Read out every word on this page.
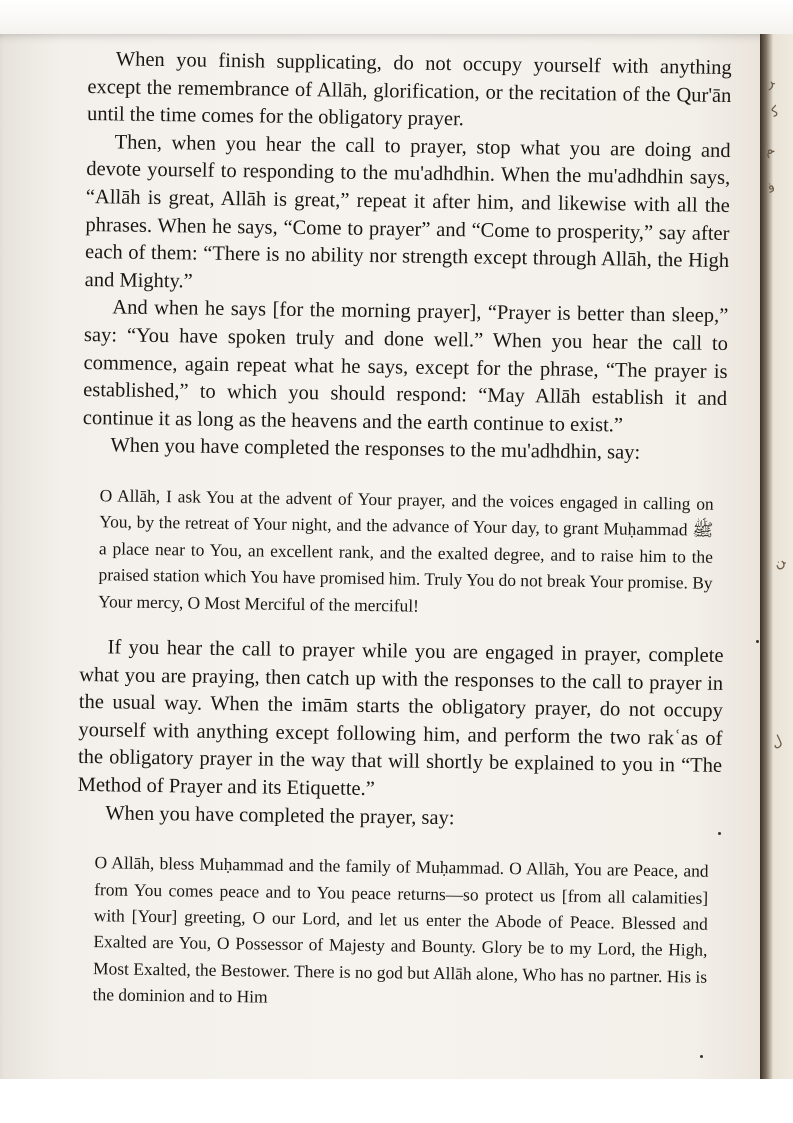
ﺮ
ﻛ
ﻢ
ﻓ
ﻦ
ﻝ

When you finish supplicating, do not occupy yourself with anything except the remembrance of Allāh, glorification, or the recitation of the Qur'ān until the time comes for the obligatory prayer.

Then, when you hear the call to prayer, stop what you are doing and devote yourself to responding to the mu'adhdhin. When the mu'adhdhin says, “Allāh is great, Allāh is great,” repeat it after him, and likewise with all the phrases. When he says, “Come to prayer” and “Come to prosperity,” say after each of them: “There is no ability nor strength except through Allāh, the High and Mighty.”

And when he says [for the morning prayer], “Prayer is better than sleep,” say: “You have spoken truly and done well.” When you hear the call to commence, again repeat what he says, except for the phrase, “The prayer is established,” to which you should respond: “May Allāh establish it and continue it as long as the heavens and the earth continue to exist.”

When you have completed the responses to the mu'adhdhin, say:

O Allāh, I ask You at the advent of Your prayer, and the voices engaged in calling on You, by the retreat of Your night, and the advance of Your day, to grant Muḥammad ﷺ a place near to You, an excellent rank, and the exalted degree, and to raise him to the praised station which You have promised him. Truly You do not break Your promise. By Your mercy, O Most Merciful of the merciful!

If you hear the call to prayer while you are engaged in prayer, complete what you are praying, then catch up with the responses to the call to prayer in the usual way. When the imām starts the obligatory prayer, do not occupy yourself with anything except following him, and perform the two rakʿas of the obligatory prayer in the way that will shortly be explained to you in “The Method of Prayer and its Etiquette.”

When you have completed the prayer, say:

O Allāh, bless Muḥammad and the family of Muḥammad. O Allāh, You are Peace, and from You comes peace and to You peace returns—so protect us [from all calamities] with [Your] greeting, O our Lord, and let us enter the Abode of Peace. Blessed and Exalted are You, O Possessor of Majesty and Bounty. Glory be to my Lord, the High, Most Exalted, the Bestower. There is no god but Allāh alone, Who has no partner. His is the dominion and to Him
